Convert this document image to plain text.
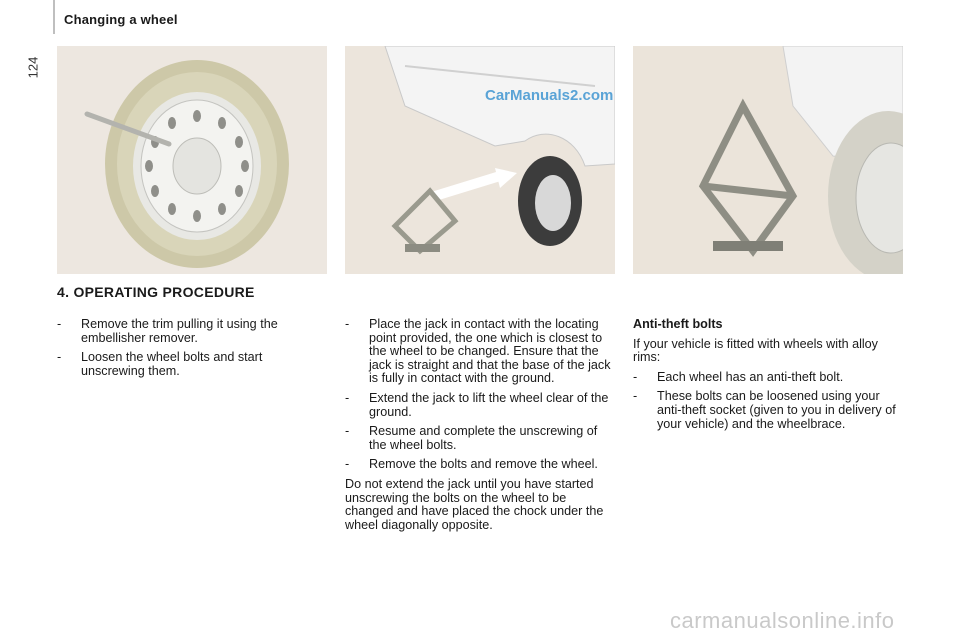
124
Changing a wheel
CarManuals2.com
4. OPERATING PROCEDURE
-	Remove the trim pulling it using the embellisher remover.
-	Loosen the wheel bolts and start unscrewing them.
-	Place the jack in contact with the locating point provided, the one which is closest to the wheel to be changed. Ensure that the jack is straight and that the base of the jack is fully in contact with the ground.
-	Extend the jack to lift the wheel clear of the ground.
-	Resume and complete the unscrewing of the wheel bolts.
-	Remove the bolts and remove the wheel.

Do not extend the jack until you have started unscrewing the bolts on the wheel to be changed and have placed the chock under the wheel diagonally opposite.

Anti-theft bolts

If your vehicle is fitted with wheels with alloy rims:

-	Each wheel has an anti-theft bolt.
-	These bolts can be loosened using your anti-theft socket (given to you in delivery of your vehicle) and the wheelbrace.
carmanualsonline.info
